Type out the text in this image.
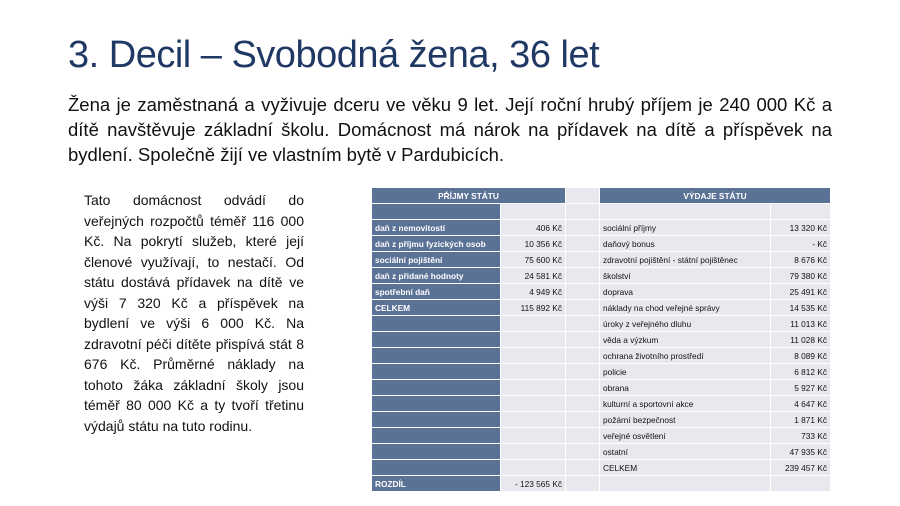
3. Decil – Svobodná žena, 36 let
Žena je zaměstnaná a vyživuje dceru ve věku 9 let. Její roční hrubý příjem je 240 000 Kč a dítě navštěvuje základní školu. Domácnost má nárok na přídavek na dítě a příspěvek na bydlení. Společně žijí ve vlastním bytě v Pardubicích.
Tato domácnost odvádí do veřejných rozpočtů téměř 116 000 Kč. Na pokrytí služeb, které její členové využívají, to nestačí. Od státu dostává přídavek na dítě ve výši 7 320 Kč a příspěvek na bydlení ve výši 6 000 Kč. Na zdravotní péči dítěte přispívá stát 8 676 Kč. Průměrné náklady na tohoto žáka základní školy jsou téměř 80 000 Kč a ty tvoří třetinu výdajů státu na tuto rodinu.
PŘÍJMY STÁTU			VÝDAJE STÁTU	

daň z nemovitostí	406 Kč		sociální příjmy	13 320 Kč
daň z příjmu fyzických osob	10 356 Kč		daňový bonus	- Kč
sociální pojištění	75 600 Kč		zdravotní pojištění - státní pojištěnec	8 676 Kč
daň z přidané hodnoty	24 581 Kč		školství	79 380 Kč
spotřební daň	4 949 Kč		doprava	25 491 Kč
CELKEM	115 892 Kč		náklady na chod veřejné správy	14 535 Kč
			úroky z veřejného dluhu	11 013 Kč
			věda a výzkum	11 028 Kč
			ochrana životního prostředí	8 089 Kč
			policie	6 812 Kč
			obrana	5 927 Kč
			kulturní a sportovní akce	4 647 Kč
			požární bezpečnost	1 871 Kč
			veřejné osvětlení	733 Kč
			ostatní	47 935 Kč
			CELKEM	239 457 Kč
ROZDÍL	- 123 565 Kč			
